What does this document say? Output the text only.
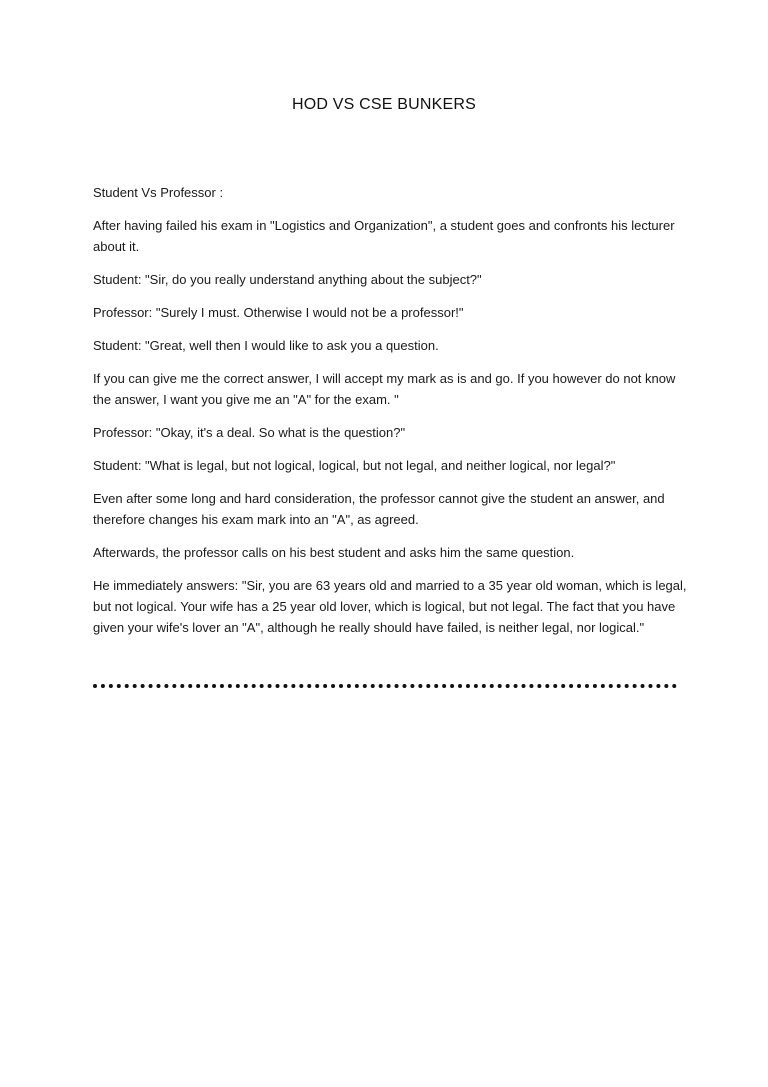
HOD VS CSE BUNKERS

Student Vs Professor :

After having failed his exam in "Logistics and Organization", a student goes and confronts his lecturer about it.

Student: "Sir, do you really understand anything about the subject?"

Professor: "Surely I must. Otherwise I would not be a professor!"

Student: "Great, well then I would like to ask you a question.

If you can give me the correct answer, I will accept my mark as is and go. If you however do not know the answer, I want you give me an "A" for the exam. "

Professor: "Okay, it's a deal. So what is the question?"

Student: "What is legal, but not logical, logical, but not legal, and neither logical, nor legal?"

Even after some long and hard consideration, the professor cannot give the student an answer, and therefore changes his exam mark into an "A", as agreed.

Afterwards, the professor calls on his best student and asks him the same question.

He immediately answers: "Sir, you are 63 years old and married to a 35 year old woman, which is legal, but not logical. Your wife has a 25 year old lover, which is logical, but not legal. The fact that you have given your wife's lover an "A", although he really should have failed, is neither legal, nor logical."
